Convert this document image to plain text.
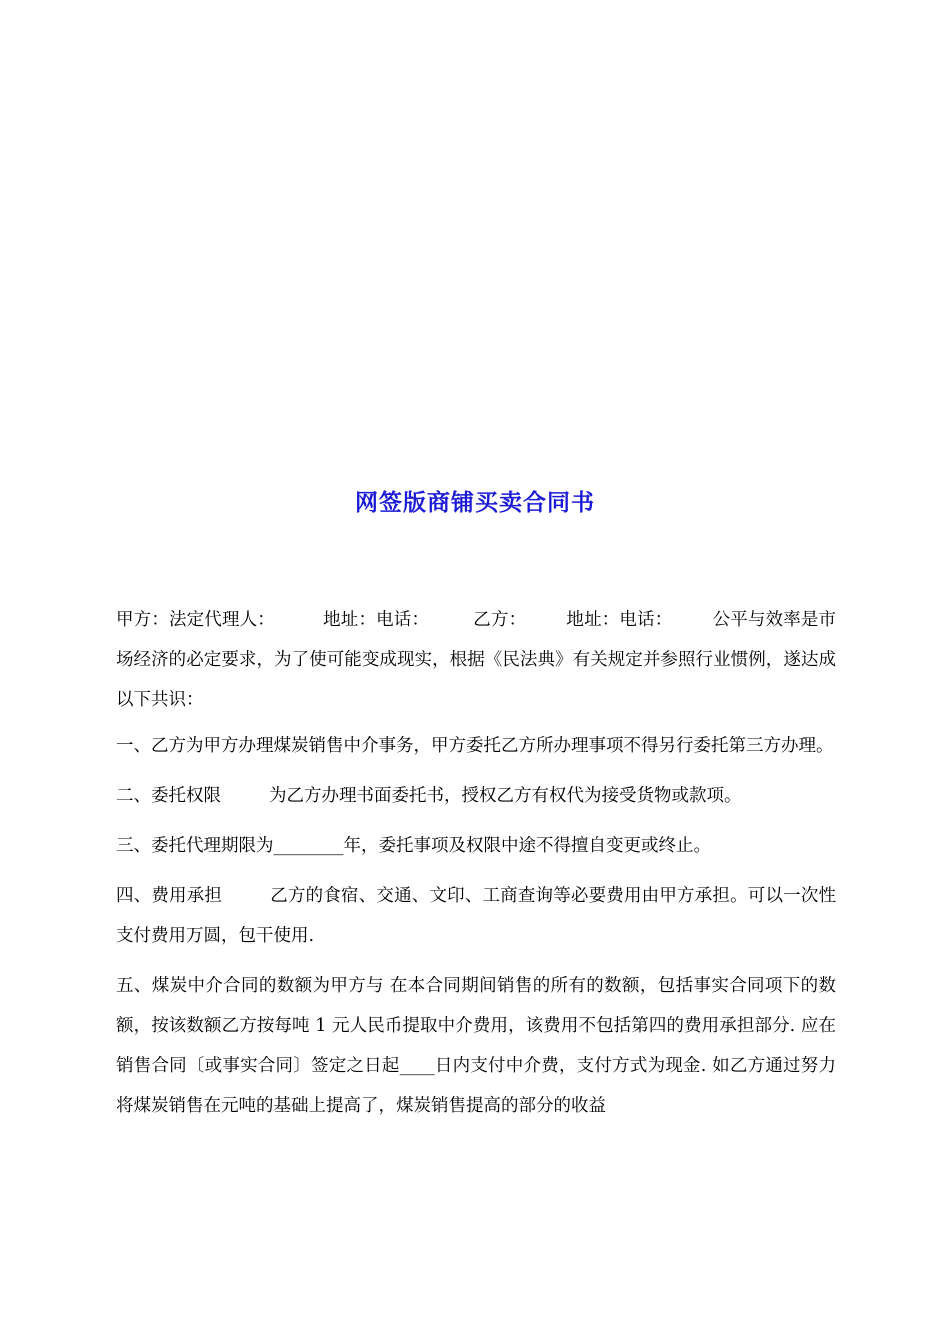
网签版商铺买卖合同书

甲方：法定代理人：	地址：电话：	乙方： 地址：电话： 公平与效率是市场经济的必定要求，为了使可能变成现实，根据《民法典》有关规定并参照行业惯例，遂达成以下共识：

一、乙方为甲方办理煤炭销售中介事务，甲方委托乙方所办理事项不得另行委托第三方办理。

二、委托权限	为乙方办理书面委托书，授权乙方有权代为接受货物或款项。

三、委托代理期限为________年，委托事项及权限中途不得擅自变更或终止。

四、费用承担	乙方的食宿、交通、文印、工商查询等必要费用由甲方承担。可以一次性支付费用万圆，包干使用.

五、煤炭中介合同的数额为甲方与 在本合同期间销售的所有的数额，包括事实合同项下的数额，按该数额乙方按每吨 1 元人民币提取中介费用，该费用不包括第四的费用承担部分. 应在销售合同〔或事实合同〕签定之日起____日内支付中介费，支付方式为现金. 如乙方通过努力将煤炭销售在元吨的基础上提高了，煤炭销售提高的部分的收益
